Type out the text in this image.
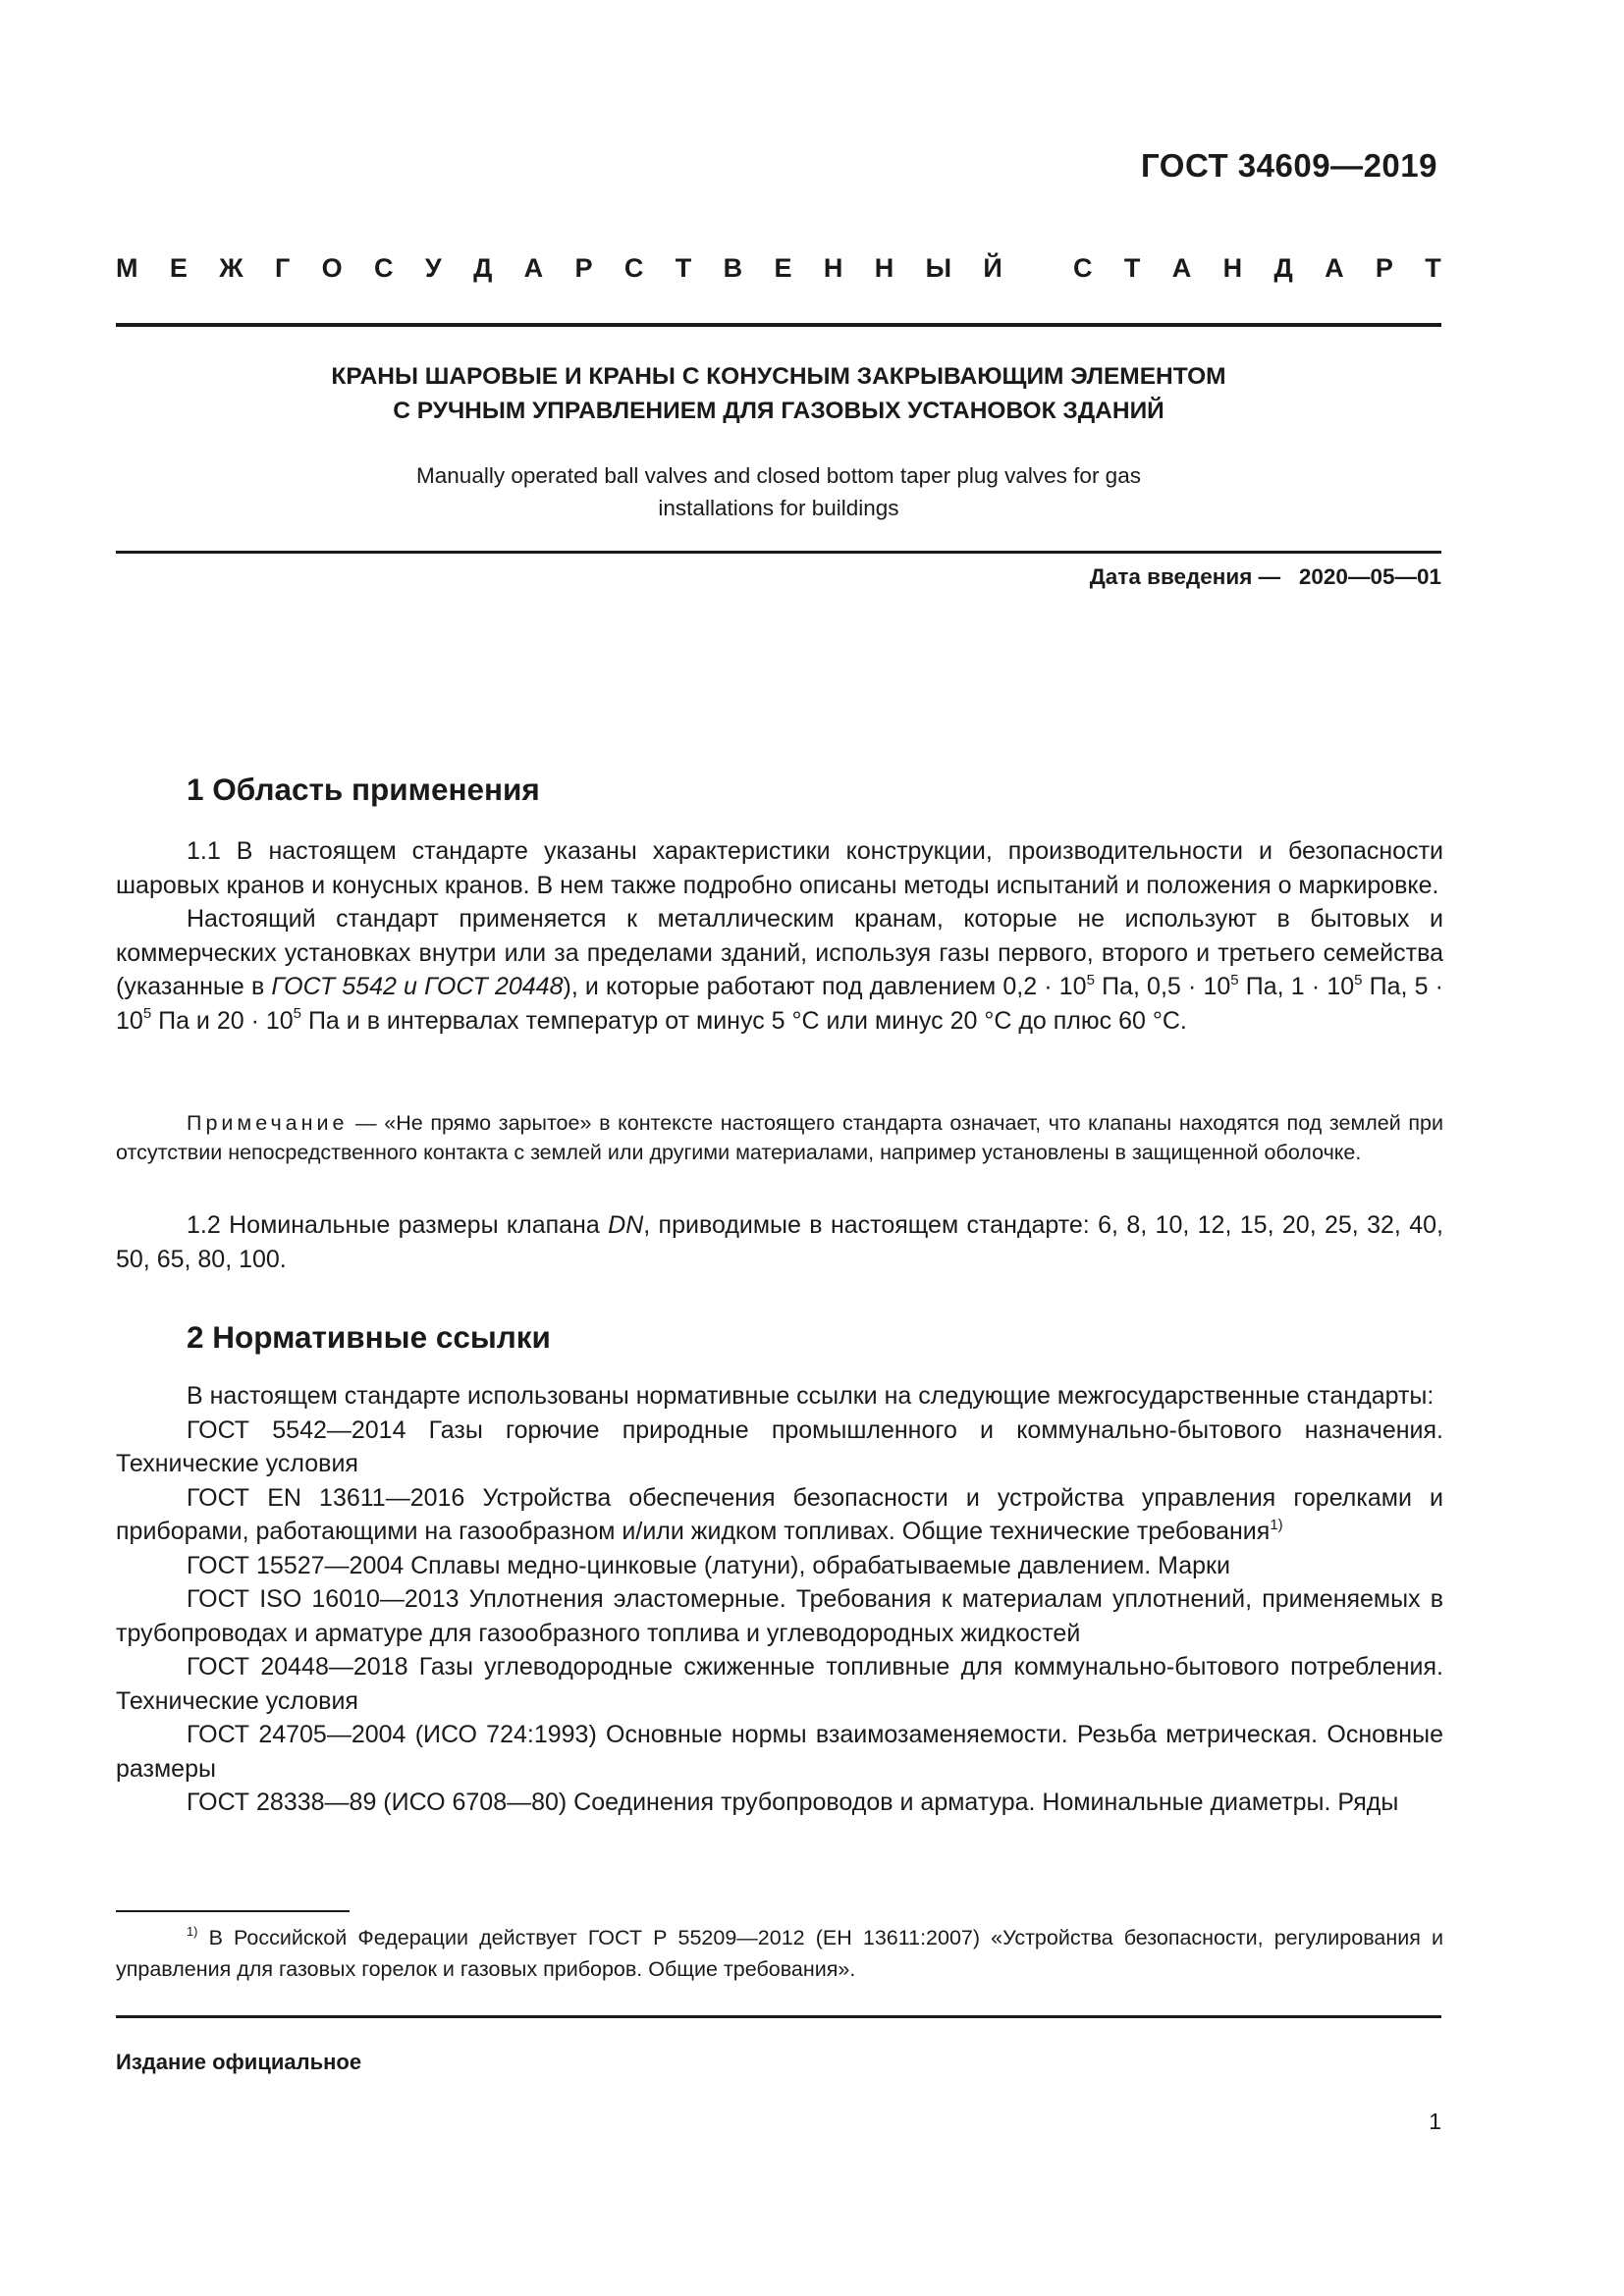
ГОСТ 34609—2019
М Е Ж Г О С У Д А Р С Т В Е Н Н Ы Й
	С Т А Н Д А Р Т
КРАНЫ ШАРОВЫЕ И КРАНЫ С КОНУСНЫМ ЗАКРЫВАЮЩИМ ЭЛЕМЕНТОМ
С РУЧНЫМ УПРАВЛЕНИЕМ ДЛЯ ГАЗОВЫХ УСТАНОВОК ЗДАНИЙ
Manually operated ball valves and closed bottom taper plug valves for gas
installations for buildings
Дата введения — 2020—05—01
1 Область применения

1.1 В настоящем стандарте указаны характеристики конструкции, производительности и безопасности шаровых кранов и конусных кранов. В нем также подробно описаны методы испытаний и положения о маркировке.

Настоящий стандарт применяется к металлическим кранам, которые не используют в бытовых и коммерческих установках внутри или за пределами зданий, используя газы первого, второго и третьего семейства (указанные в ГОСТ 5542 и ГОСТ 20448), и которые работают под давлением $0,2 \cdot 10^5$ Па, $0,5 \cdot 10^5$ Па, $1 \cdot 10^5$ Па, $5 \cdot 10^5$ Па и $20 \cdot 10^5$ Па и в интервалах температур от минус 5 °С или минус 20 °С до плюс 60 °С.

Примечание — «Не прямо зарытое» в контексте настоящего стандарта означает, что клапаны находятся под землей при отсутствии непосредственного контакта с землей или другими материалами, например установлены в защищенной оболочке.

1.2 Номинальные размеры клапана DN, приводимые в настоящем стандарте: 6, 8, 10, 12, 15, 20, 25, 32, 40, 50, 65, 80, 100.

2 Нормативные ссылки

В настоящем стандарте использованы нормативные ссылки на следующие межгосударственные стандарты:

ГОСТ 5542—2014 Газы горючие природные промышленного и коммунально-бытового назначения. Технические условия

ГОСТ EN 13611—2016 Устройства обеспечения безопасности и устройства управления горелками и приборами, работающими на газообразном и/или жидком топливах. Общие технические требования$^{1)}$

ГОСТ 15527—2004 Сплавы медно-цинковые (латуни), обрабатываемые давлением. Марки

ГОСТ ISO 16010—2013 Уплотнения эластомерные. Требования к материалам уплотнений, применяемых в трубопроводах и арматуре для газообразного топлива и углеводородных жидкостей

ГОСТ 20448—2018 Газы углеводородные сжиженные топливные для коммунально-бытового потребления. Технические условия

ГОСТ 24705—2004 (ИСО 724:1993) Основные нормы взаимозаменяемости. Резьба метрическая. Основные размеры

ГОСТ 28338—89 (ИСО 6708—80) Соединения трубопроводов и арматура. Номинальные диаметры. Ряды

$^{1)}$ В Российской Федерации действует ГОСТ Р 55209—2012 (ЕН 13611:2007) «Устройства безопасности, регулирования и управления для газовых горелок и газовых приборов. Общие требования».

Издание официальное
1
